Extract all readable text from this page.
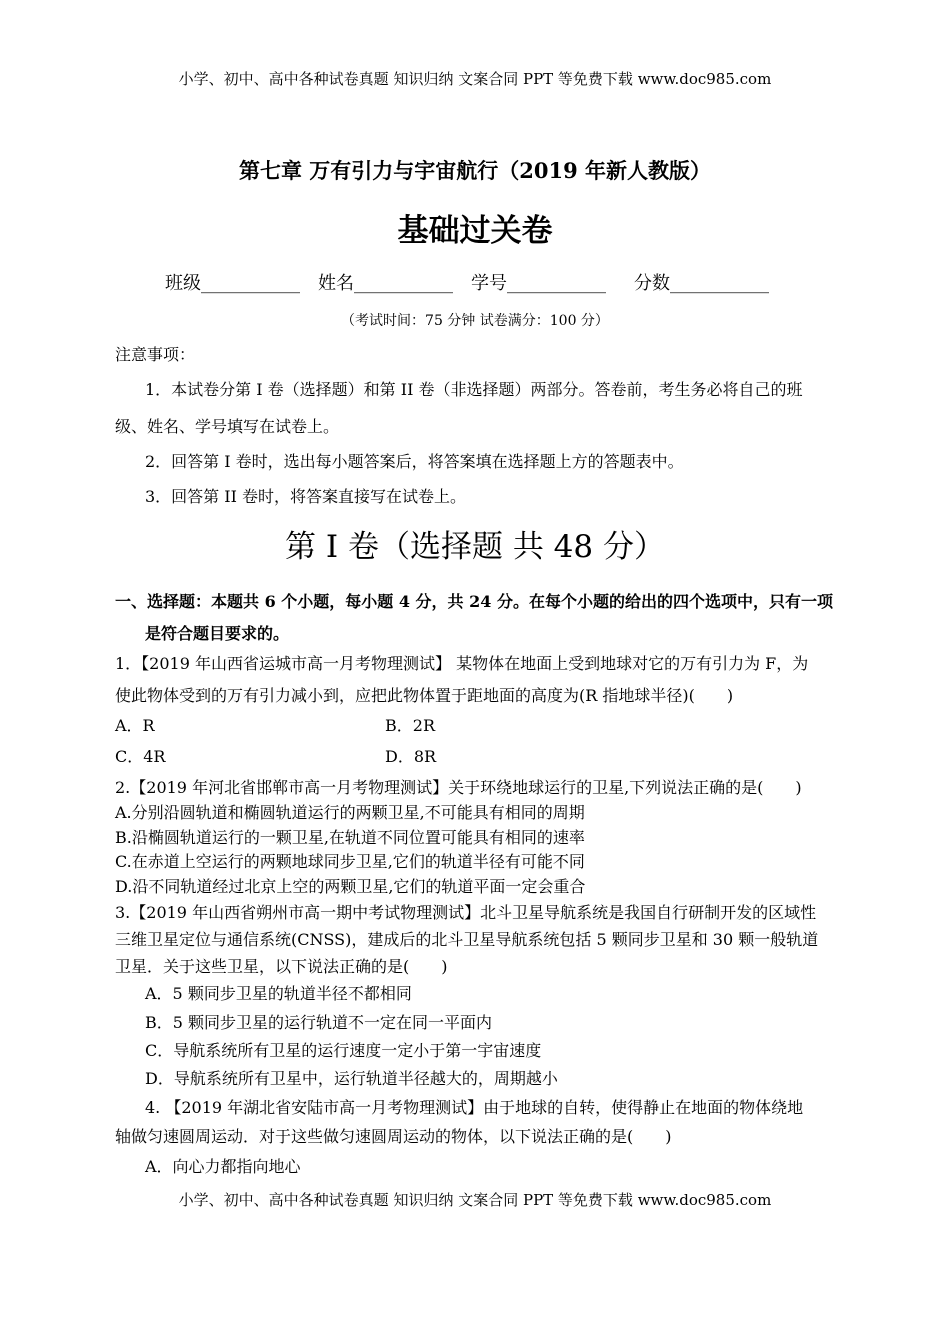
小学、初中、高中各种试卷真题 知识归纳 文案合同 PPT 等免费下载 www.doc985.com
第七章 万有引力与宇宙航行（2019 年新人教版）
基础过关卷
班级___________ 姓名___________ 学号___________ 分数___________
（考试时间：75 分钟 试卷满分：100 分）
注意事项：
1．本试卷分第 I 卷（选择题）和第 II 卷（非选择题）两部分。答卷前，考生务必将自己的班
级、姓名、学号填写在试卷上。
2．回答第 I 卷时，选出每小题答案后，将答案填在选择题上方的答题表中。
3．回答第 II 卷时，将答案直接写在试卷上。
第 I 卷（选择题 共 48 分）
一、选择题：本题共 6 个小题，每小题 4 分，共 24 分。在每个小题的给出的四个选项中，只有一项
是符合题目要求的。
1．【2019 年山西省运城市高一月考物理测试】 某物体在地面上受到地球对它的万有引力为 F，为
使此物体受到的万有引力减小到，应把此物体置于距地面的高度为(R 指地球半径)(　　)
A．R	B．2R
C．4R	D．8R
2.【2019 年河北省邯郸市高一月考物理测试】关于环绕地球运行的卫星,下列说法正确的是(　　)
A.分别沿圆轨道和椭圆轨道运行的两颗卫星,不可能具有相同的周期
B.沿椭圆轨道运行的一颗卫星,在轨道不同位置可能具有相同的速率
C.在赤道上空运行的两颗地球同步卫星,它们的轨道半径有可能不同
D.沿不同轨道经过北京上空的两颗卫星,它们的轨道平面一定会重合
3.【2019 年山西省朔州市高一期中考试物理测试】北斗卫星导航系统是我国自行研制开发的区域性
三维卫星定位与通信系统(CNSS)，建成后的北斗卫星导航系统包括 5 颗同步卫星和 30 颗一般轨道
卫星．关于这些卫星，以下说法正确的是(　　)
A．5 颗同步卫星的轨道半径不都相同
B．5 颗同步卫星的运行轨道不一定在同一平面内
C．导航系统所有卫星的运行速度一定小于第一宇宙速度
D．导航系统所有卫星中，运行轨道半径越大的，周期越小
4. 【2019 年湖北省安陆市高一月考物理测试】由于地球的自转，使得静止在地面的物体绕地
轴做匀速圆周运动．对于这些做匀速圆周运动的物体，以下说法正确的是(　　)
A．向心力都指向地心
小学、初中、高中各种试卷真题 知识归纳 文案合同 PPT 等免费下载 www.doc985.com
